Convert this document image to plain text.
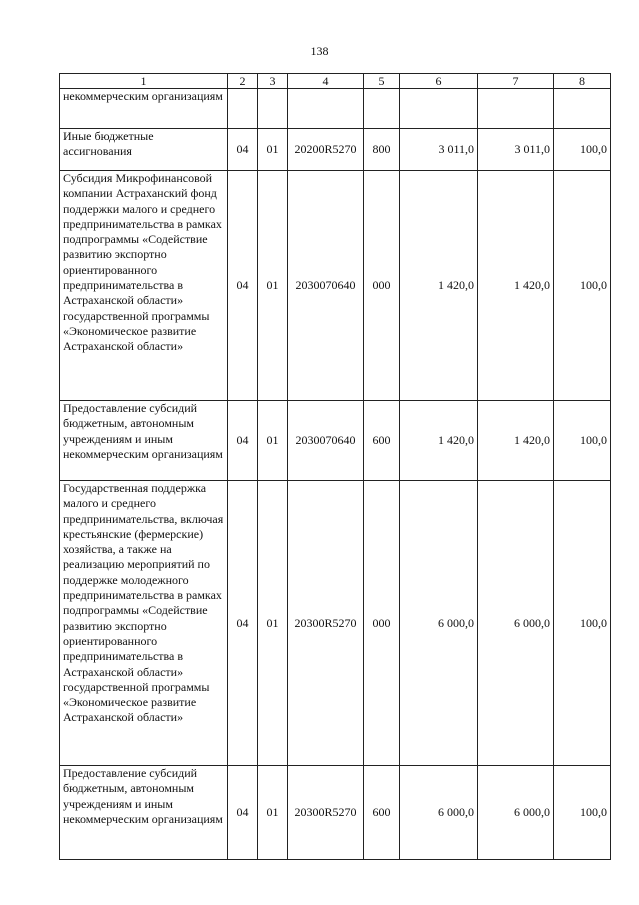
138
1	2	3	4	5	6	7	8
некоммерческим организациям							
Иные бюджетные ассигнования	04	01	20200R5270	800	3 011,0	3 011,0	100,0
Субсидия Микрофинансовой компании Астраханский фонд поддержки малого и среднего предпринимательства в рамках подпрограммы «Содействие развитию экспортно ориентированного предпринимательства в Астраханской области» государственной программы «Экономическое развитие Астраханской области»	04	01	2030070640	000	1 420,0	1 420,0	100,0
Предоставление субсидий бюджетным, автономным учреждениям и иным некоммерческим организациям	04	01	2030070640	600	1 420,0	1 420,0	100,0
Государственная поддержка малого и среднего предпринимательства, включая крестьянские (фермерские) хозяйства, а также на реализацию мероприятий по поддержке молодежного предпринимательства в рамках подпрограммы «Содействие развитию экспортно ориентированного предпринимательства в Астраханской области» государственной программы «Экономическое развитие Астраханской области»	04	01	20300R5270	000	6 000,0	6 000,0	100,0
Предоставление субсидий бюджетным, автономным учреждениям и иным некоммерческим организациям	04	01	20300R5270	600	6 000,0	6 000,0	100,0
